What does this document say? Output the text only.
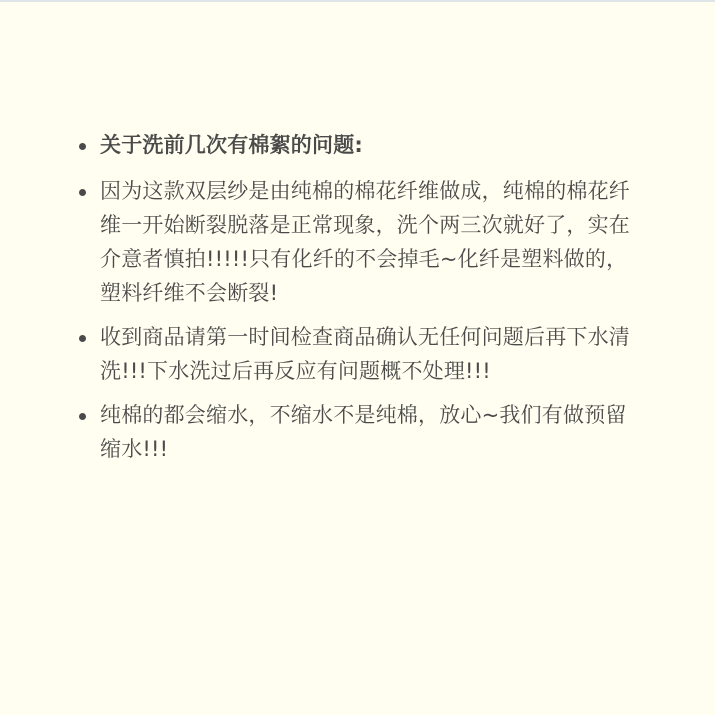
关于洗前几次有棉絮的问题:
因为这款双层纱是由纯棉的棉花纤维做成，纯棉的棉花纤维一开始断裂脱落是正常现象，洗个两三次就好了，实在介意者慎拍!!!!!只有化纤的不会掉毛~化纤是塑料做的，塑料纤维不会断裂!
收到商品请第一时间检查商品确认无任何问题后再下水清洗!!!下水洗过后再反应有问题概不处理!!!
纯棉的都会缩水，不缩水不是纯棉，放心~我们有做预留缩水!!!
